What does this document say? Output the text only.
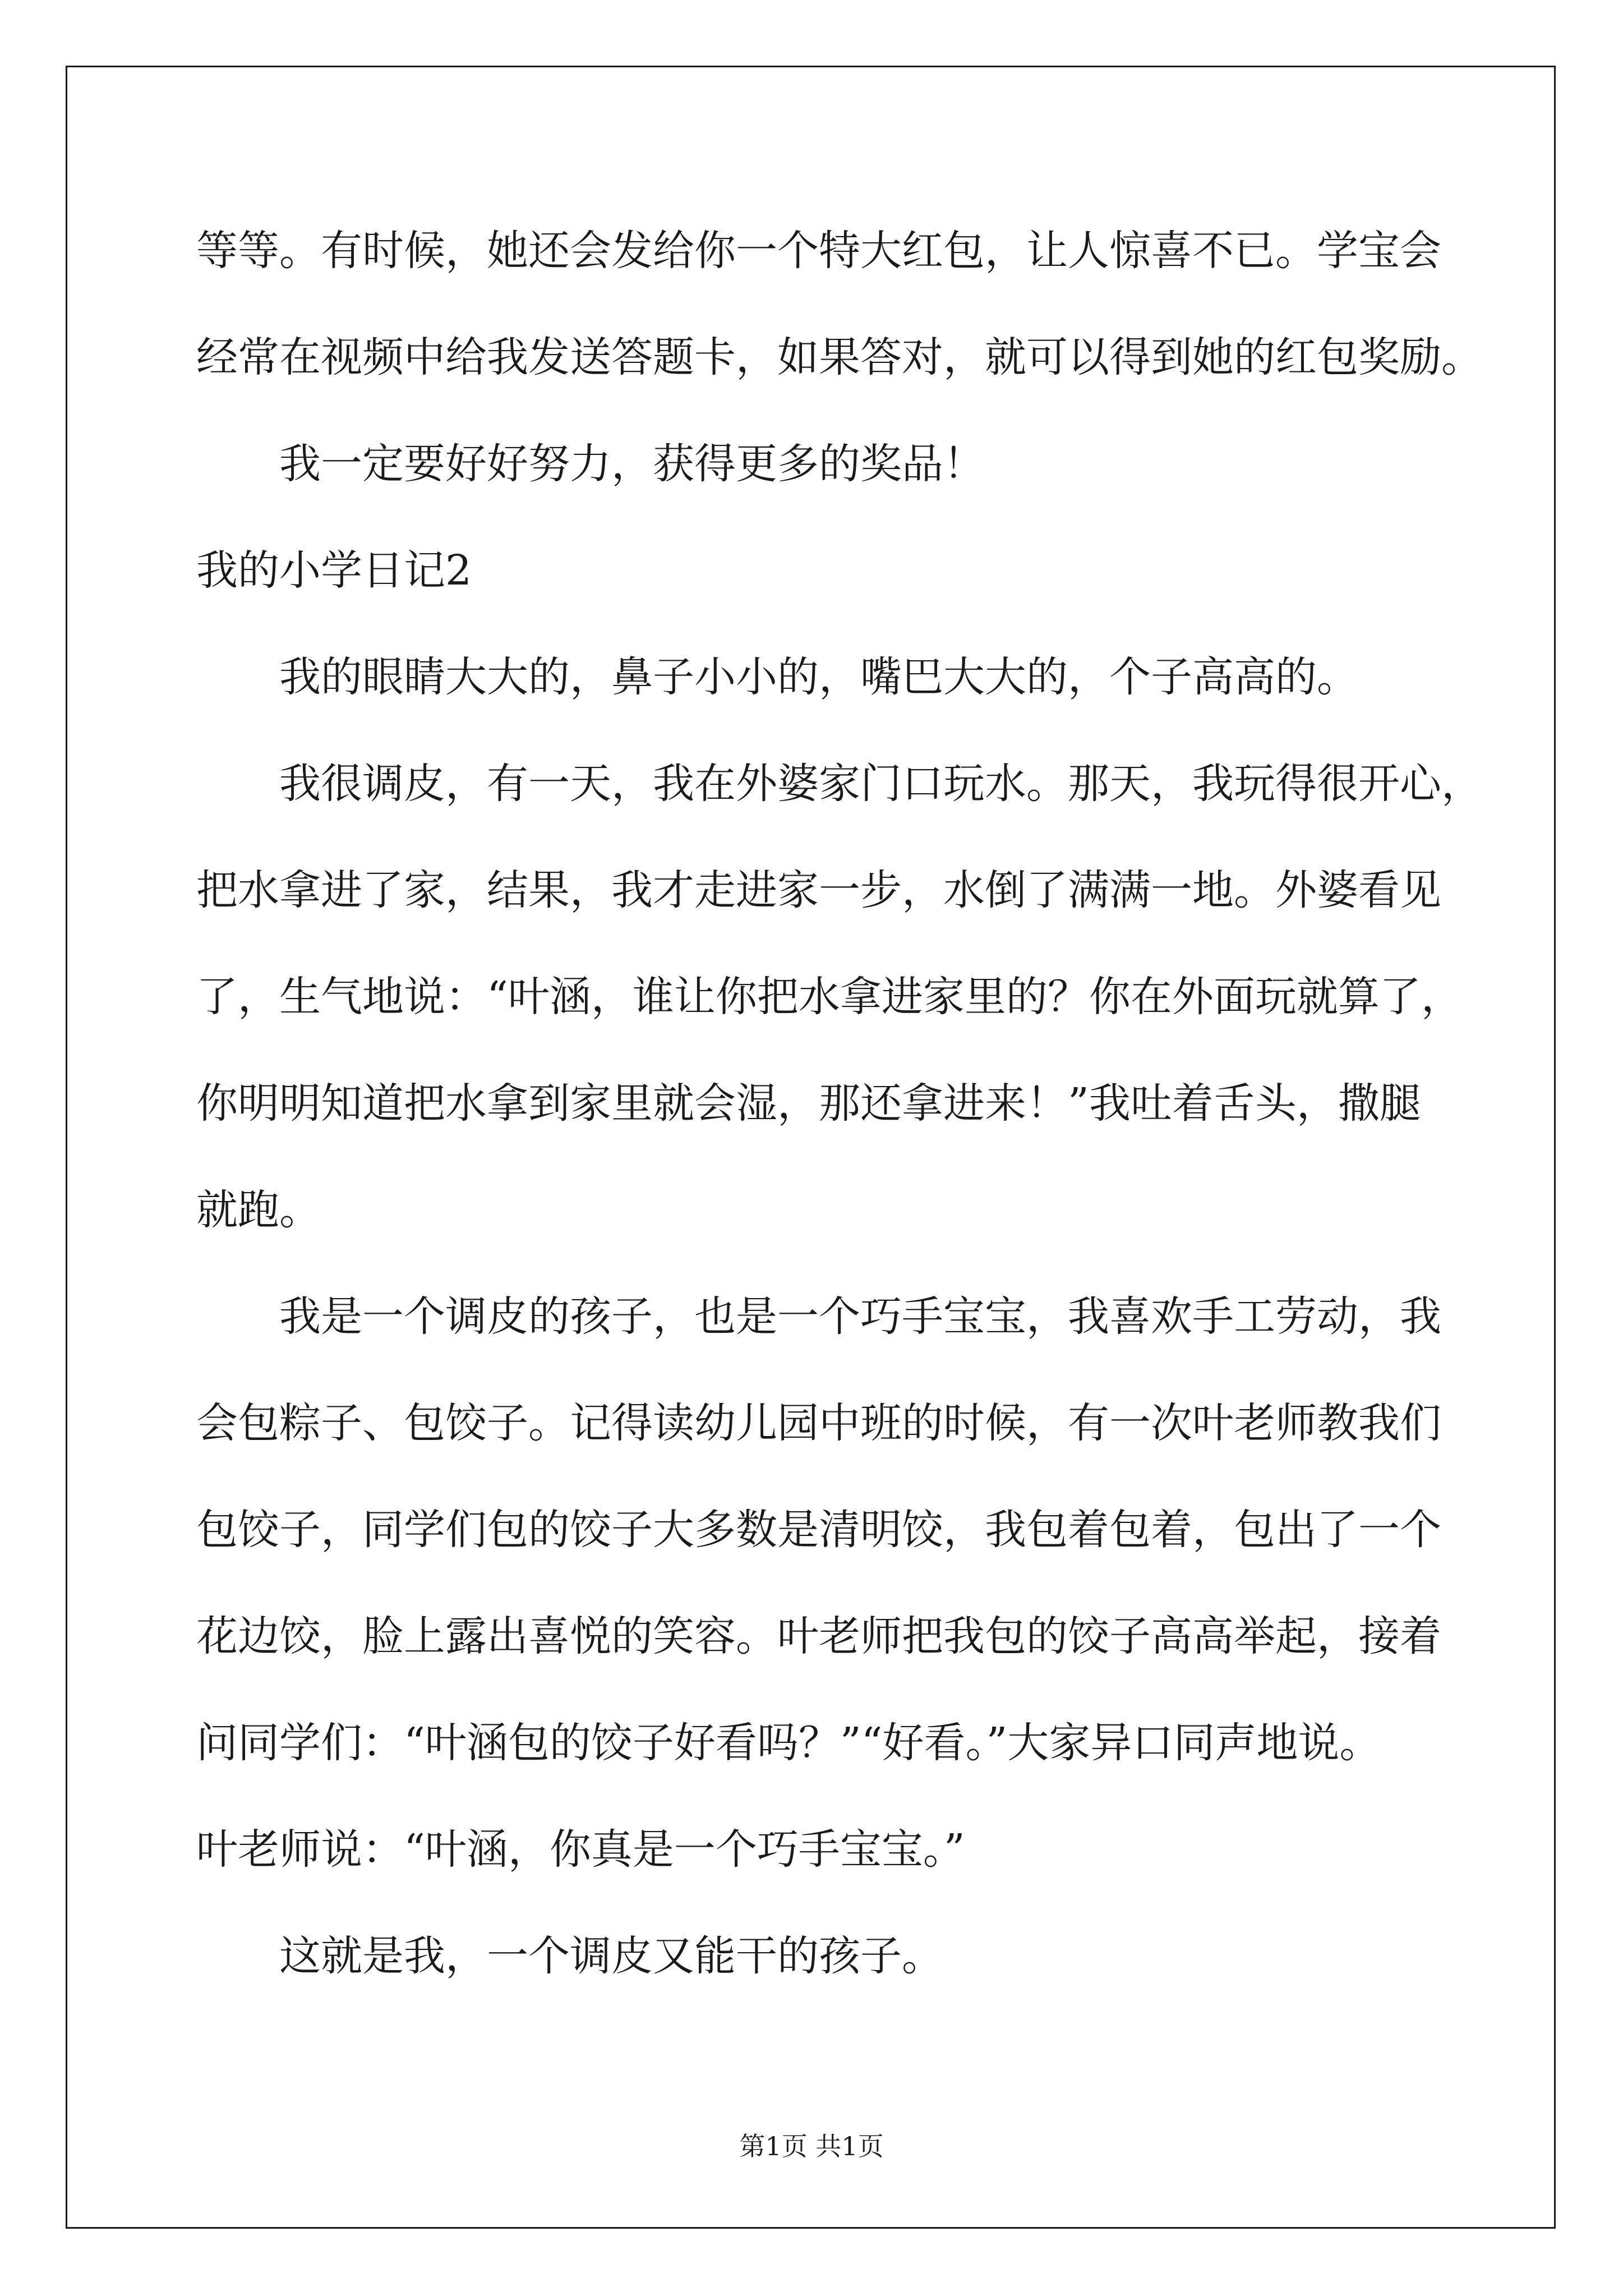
等等。有时候，她还会发给你一个特大红包，让人惊喜不已。学宝会
经常在视频中给我发送答题卡，如果答对，就可以得到她的红包奖励。
我一定要好好努力，获得更多的奖品！
我的小学日记2
我的眼睛大大的，鼻子小小的，嘴巴大大的，个子高高的。
我很调皮，有一天，我在外婆家门口玩水。那天，我玩得很开心，
把水拿进了家，结果，我才走进家一步，水倒了满满一地。外婆看见
了，生气地说：“叶涵，谁让你把水拿进家里的？你在外面玩就算了，
你明明知道把水拿到家里就会湿，那还拿进来！”我吐着舌头，撒腿
就跑。
我是一个调皮的孩子，也是一个巧手宝宝，我喜欢手工劳动，我
会包粽子、包饺子。记得读幼儿园中班的时候，有一次叶老师教我们
包饺子，同学们包的饺子大多数是清明饺，我包着包着，包出了一个
花边饺，脸上露出喜悦的笑容。叶老师把我包的饺子高高举起，接着
问同学们：“叶涵包的饺子好看吗？”“好看。”大家异口同声地说。
叶老师说：“叶涵，你真是一个巧手宝宝。”
这就是我，一个调皮又能干的孩子。
第1页 共1页
